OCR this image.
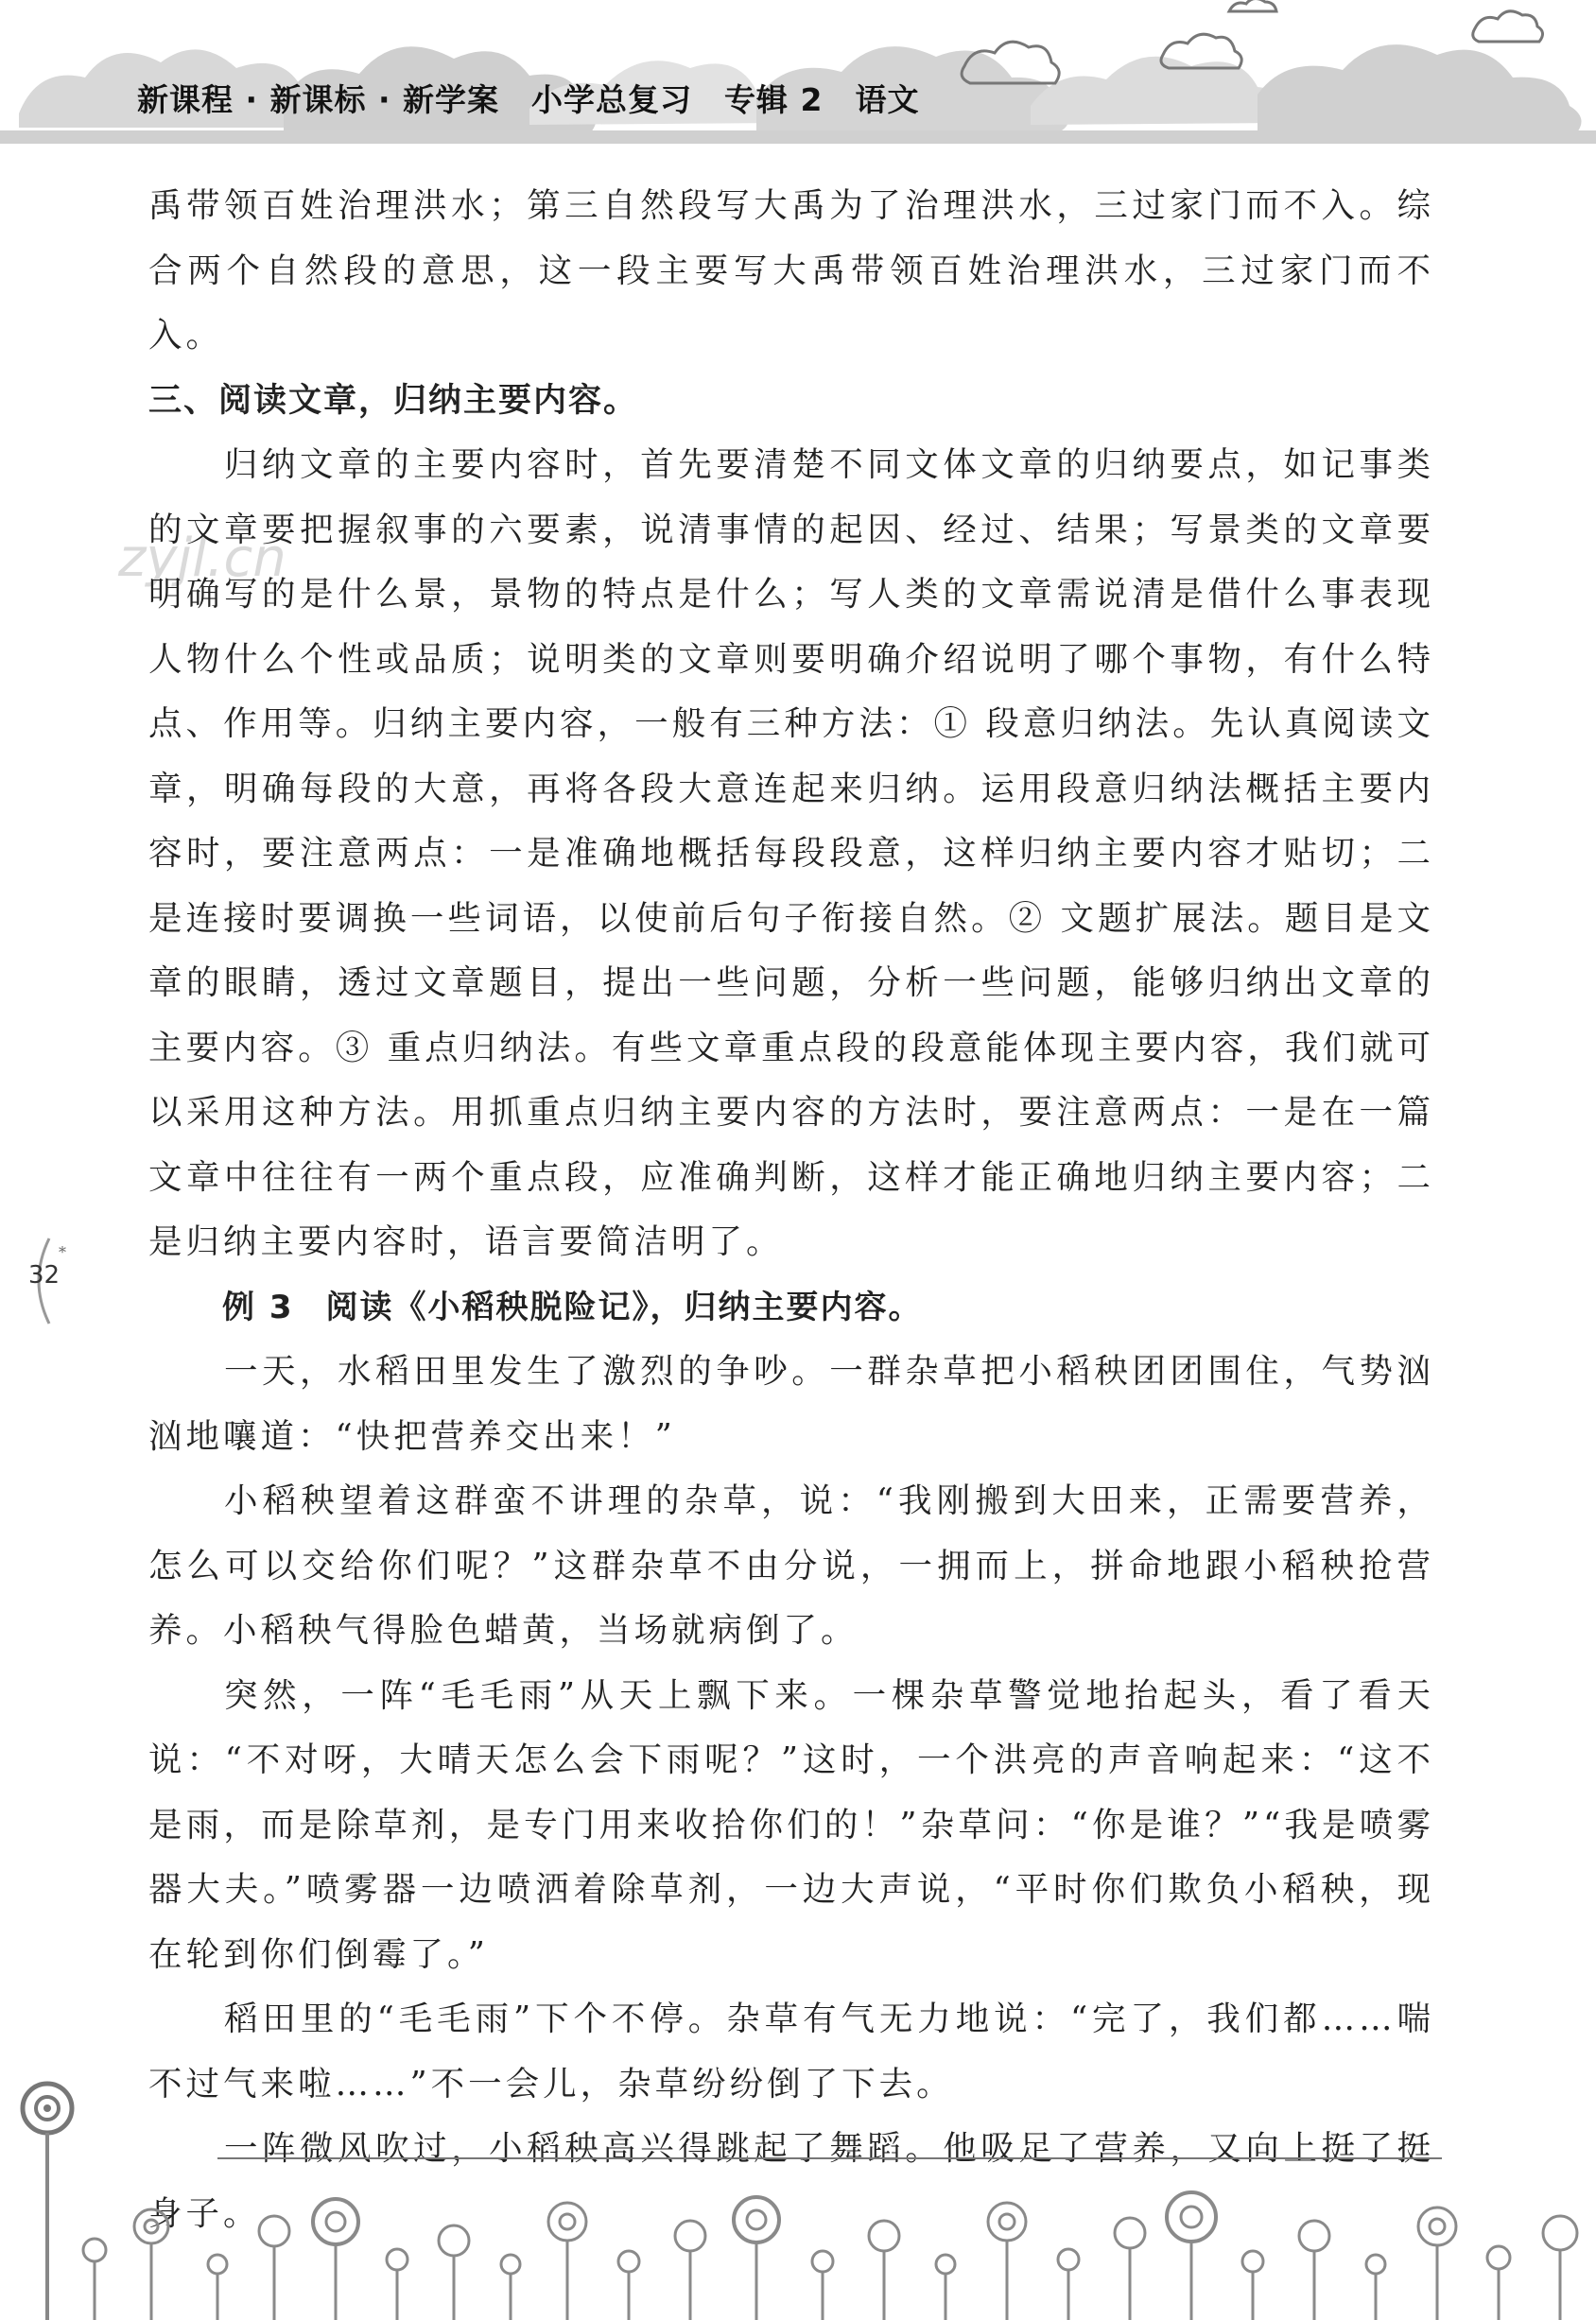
新课程 · 新课标 · 新学案　小学总复习　专辑 2　语文
zyjl.cn

禹带领百姓治理洪水；第三自然段写大禹为了治理洪水，三过家门而不入。综合两个自然段的意思，这一段主要写大禹带领百姓治理洪水，三过家门而不入。

三、阅读文章，归纳主要内容。

归纳文章的主要内容时，首先要清楚不同文体文章的归纳要点，如记事类的文章要把握叙事的六要素，说清事情的起因、经过、结果；写景类的文章要明确写的是什么景，景物的特点是什么；写人类的文章需说清是借什么事表现人物什么个性或品质；说明类的文章则要明确介绍说明了哪个事物，有什么特点、作用等。归纳主要内容，一般有三种方法：① 段意归纳法。先认真阅读文章，明确每段的大意，再将各段大意连起来归纳。运用段意归纳法概括主要内容时，要注意两点：一是准确地概括每段段意，这样归纳主要内容才贴切；二是连接时要调换一些词语，以使前后句子衔接自然。② 文题扩展法。题目是文章的眼睛，透过文章题目，提出一些问题，分析一些问题，能够归纳出文章的主要内容。③ 重点归纳法。有些文章重点段的段意能体现主要内容，我们就可以采用这种方法。用抓重点归纳主要内容的方法时，要注意两点：一是在一篇文章中往往有一两个重点段，应准确判断，这样才能正确地归纳主要内容；二是归纳主要内容时，语言要简洁明了。

例 3 阅读《小稻秧脱险记》，归纳主要内容。

一天，水稻田里发生了激烈的争吵。一群杂草把小稻秧团团围住，气势汹汹地嚷道：“快把营养交出来！”

小稻秧望着这群蛮不讲理的杂草，说：“我刚搬到大田来，正需要营养，怎么可以交给你们呢？”这群杂草不由分说，一拥而上，拼命地跟小稻秧抢营养。小稻秧气得脸色蜡黄，当场就病倒了。

突然，一阵“毛毛雨”从天上飘下来。一棵杂草警觉地抬起头，看了看天说：“不对呀，大晴天怎么会下雨呢？”这时，一个洪亮的声音响起来：“这不是雨，而是除草剂，是专门用来收拾你们的！”杂草问：“你是谁？”“我是喷雾器大夫。”喷雾器一边喷洒着除草剂，一边大声说，“平时你们欺负小稻秧，现在轮到你们倒霉了。”

稻田里的“毛毛雨”下个不停。杂草有气无力地说：“完了，我们都……喘不过气来啦……”不一会儿，杂草纷纷倒了下去。

一阵微风吹过，小稻秧高兴得跳起了舞蹈。他吸足了营养，又向上挺了挺身子。

*
32
